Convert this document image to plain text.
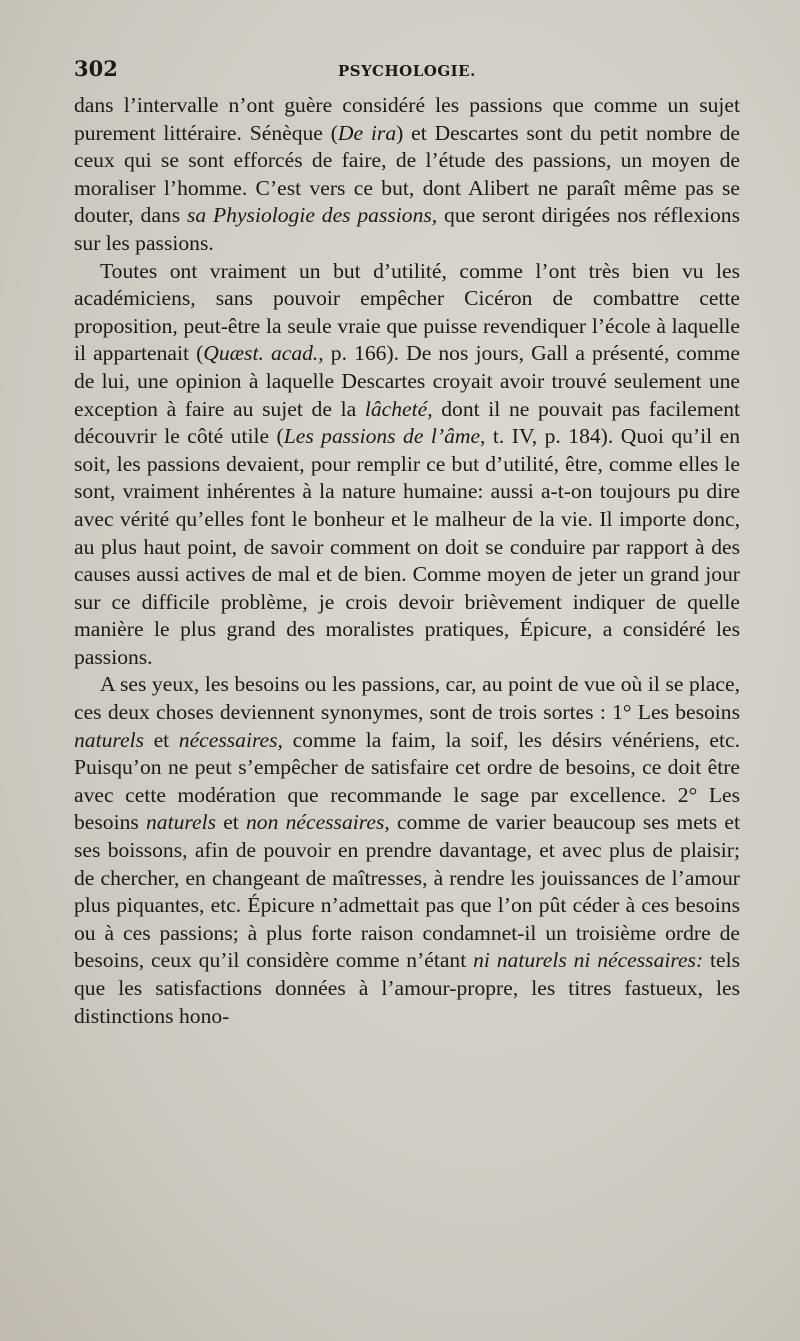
302	PSYCHOLOGIE.

dans l’intervalle n’ont guère considéré les passions que comme un sujet purement littéraire. Sénèque (De ira) et Descartes sont du petit nombre de ceux qui se sont efforcés de faire, de l’étude des passions, un moyen de moraliser l’homme. C’est vers ce but, dont Alibert ne paraît même pas se douter, dans sa Physiologie des passions, que seront dirigées nos réflexions sur les passions.

Toutes ont vraiment un but d’utilité, comme l’ont très bien vu les académiciens, sans pouvoir empêcher Cicéron de combattre cette proposition, peut-être la seule vraie que puisse revendiquer l’école à laquelle il appartenait (Quæst. acad., p. 166). De nos jours, Gall a présenté, comme de lui, une opinion à laquelle Descartes croyait avoir trouvé seulement une exception à faire au sujet de la lâcheté, dont il ne pouvait pas facilement découvrir le côté utile (Les passions de l’âme, t. IV, p. 184). Quoi qu’il en soit, les passions devaient, pour remplir ce but d’utilité, être, comme elles le sont, vraiment inhérentes à la nature humaine: aussi a-t-on toujours pu dire avec vérité qu’elles font le bonheur et le malheur de la vie. Il importe donc, au plus haut point, de savoir comment on doit se conduire par rapport à des causes aussi actives de mal et de bien. Comme moyen de jeter un grand jour sur ce difficile problème, je crois devoir brièvement indiquer de quelle manière le plus grand des moralistes pratiques, Épicure, a considéré les passions.

A ses yeux, les besoins ou les passions, car, au point de vue où il se place, ces deux choses deviennent synonymes, sont de trois sortes : 1° Les besoins naturels et nécessaires, comme la faim, la soif, les désirs vénériens, etc. Puisqu’on ne peut s’empêcher de satisfaire cet ordre de besoins, ce doit être avec cette modération que recommande le sage par excellence. 2° Les besoins naturels et non nécessaires, comme de varier beaucoup ses mets et ses boissons, afin de pouvoir en prendre davantage, et avec plus de plaisir; de chercher, en changeant de maîtresses, à rendre les jouissances de l’amour plus piquantes, etc. Épicure n’admettait pas que l’on pût céder à ces besoins ou à ces passions; à plus forte raison condamnet-il un troisième ordre de besoins, ceux qu’il considère comme n’étant ni naturels ni nécessaires: tels que les satisfactions données à l’amour-propre, les titres fastueux, les distinctions hono-
